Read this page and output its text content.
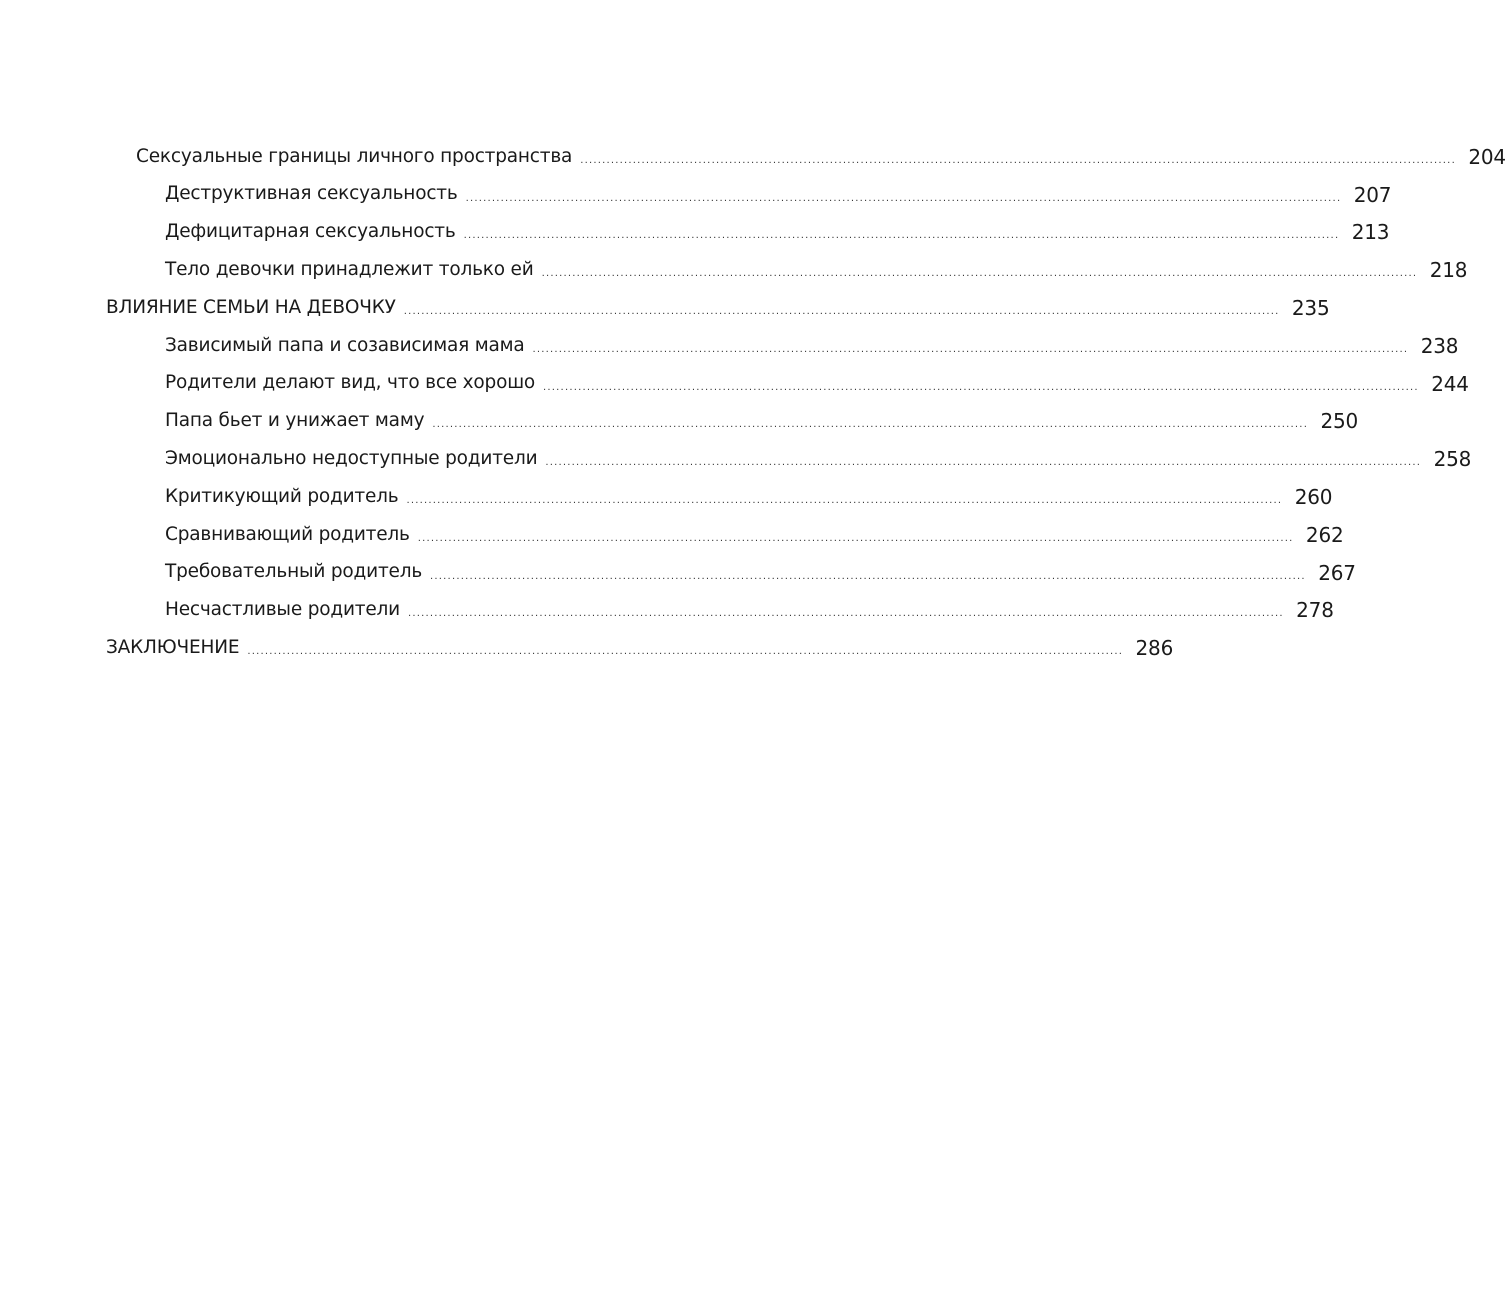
Сексуальные границы личного пространства ........................................................................................................................................................................................................ 204
Деструктивная сексуальность ........................................................................................................................................................................................................ 207
Дефицитарная сексуальность ........................................................................................................................................................................................................ 213
Тело девочки принадлежит только ей ........................................................................................................................................................................................................ 218
ВЛИЯНИЕ СЕМЬИ НА ДЕВОЧКУ ........................................................................................................................................................................................................ 235
Зависимый папа и созависимая мама ........................................................................................................................................................................................................ 238
Родители делают вид, что все хорошо ........................................................................................................................................................................................................ 244
Папа бьет и унижает маму ........................................................................................................................................................................................................ 250
Эмоционально недоступные родители ........................................................................................................................................................................................................ 258
Критикующий родитель ........................................................................................................................................................................................................ 260
Сравнивающий родитель ........................................................................................................................................................................................................ 262
Требовательный родитель ........................................................................................................................................................................................................ 267
Несчастливые родители ........................................................................................................................................................................................................ 278
ЗАКЛЮЧЕНИЕ ........................................................................................................................................................................................................ 286
